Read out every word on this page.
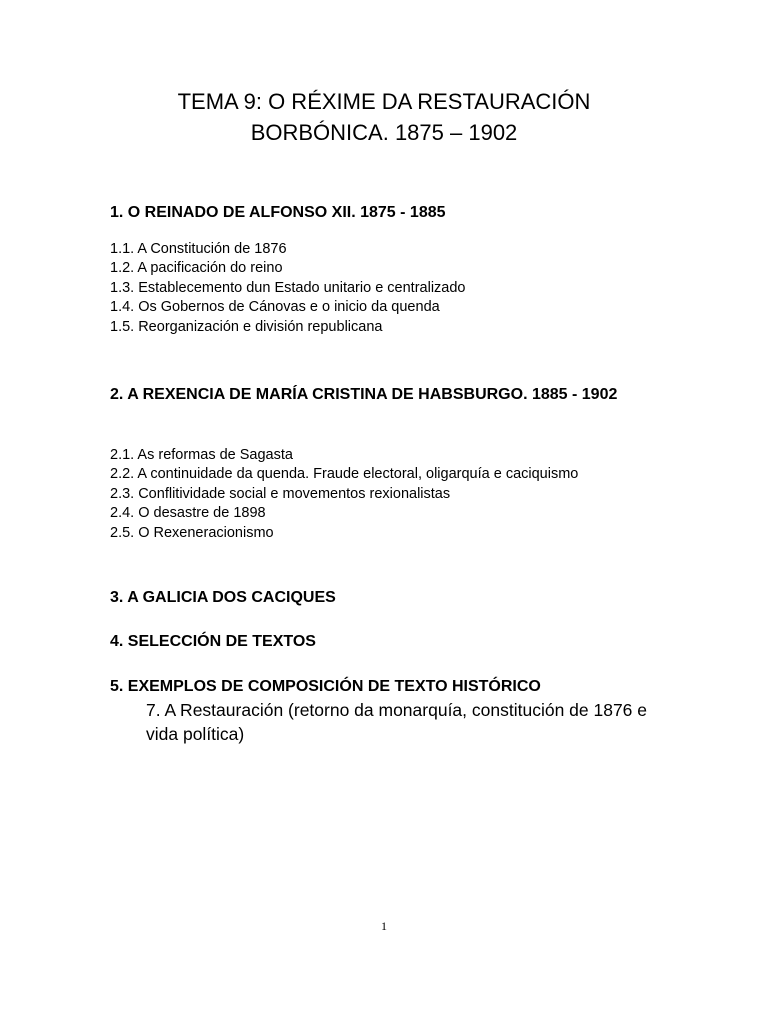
TEMA 9: O RÉXIME DA RESTAURACIÓN
BORBÓNICA. 1875 – 1902
1. O REINADO DE ALFONSO XII. 1875 - 1885
1.1. A Constitución de 1876
1.2. A pacificación do reino
1.3. Establecemento dun Estado unitario e centralizado
1.4. Os Gobernos de Cánovas e o inicio da quenda
1.5. Reorganización e división republicana
2. A REXENCIA DE MARÍA CRISTINA DE HABSBURGO. 1885 - 1902
2.1. As reformas de Sagasta
2.2. A continuidade da quenda. Fraude electoral, oligarquía e caciquismo
2.3. Conflitividade social e movementos rexionalistas
2.4. O desastre de 1898
2.5. O Rexeneracionismo
3. A GALICIA DOS CACIQUES
4. SELECCIÓN DE TEXTOS
5. EXEMPLOS DE COMPOSICIÓN DE TEXTO HISTÓRICO
7. A Restauración (retorno da monarquía, constitución de 1876 e vida política)
1
